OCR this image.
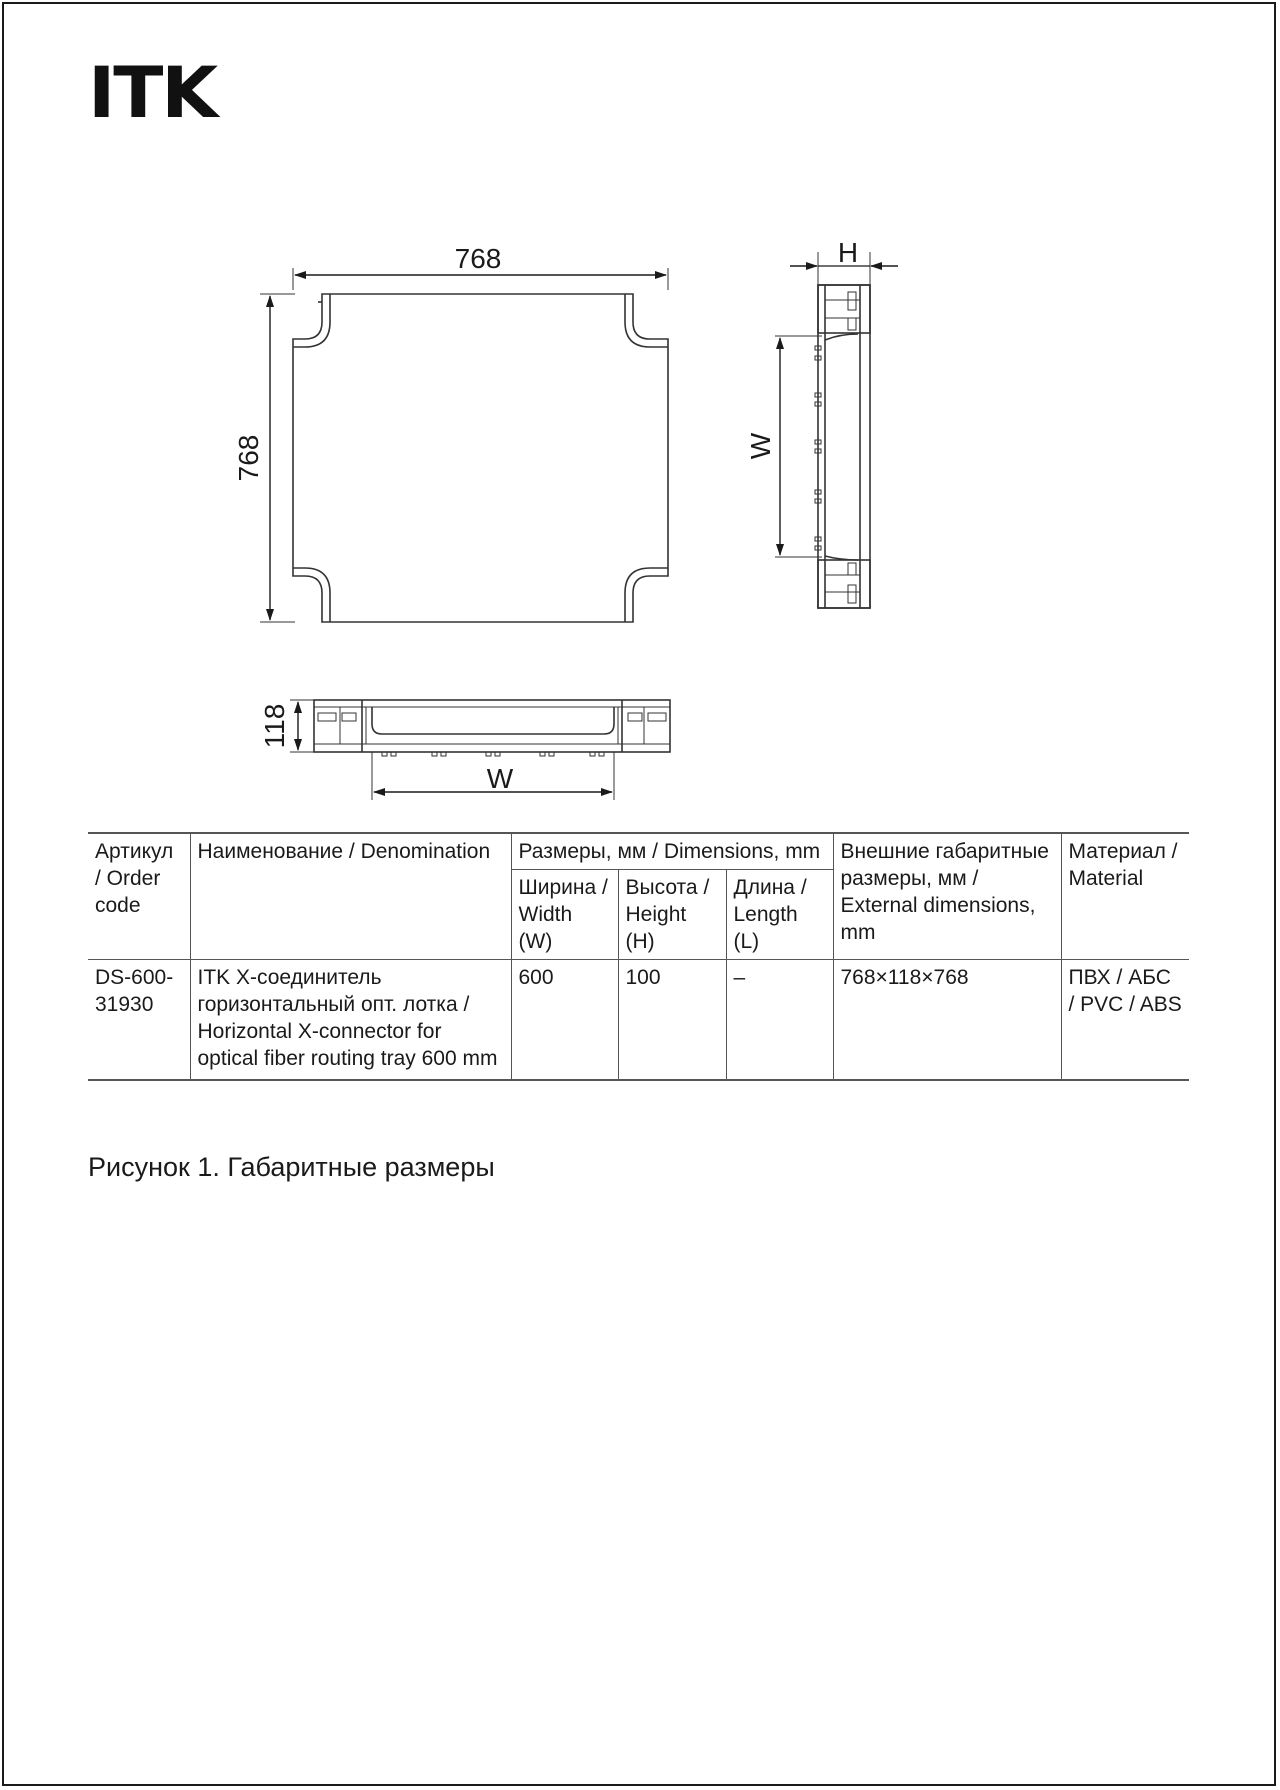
ITK
768
768
H
W
118
W
Артикул / Order code	Наименование / Denomination	Размеры, мм / Dimensions, mm			Внешние габаритные размеры, мм / External dimensions, mm	Материал / Material
		Ширина / Width (W)	Высота / Height (H)	Длина / Length (L)		
DS-600-31930	ITK X-соединитель горизонтальный опт. лотка / Horizontal X-connector for optical fiber routing tray 600 mm	600	100	–	768×118×768	ПВХ / АБС / PVC / ABS
Рисунок 1. Габаритные размеры
